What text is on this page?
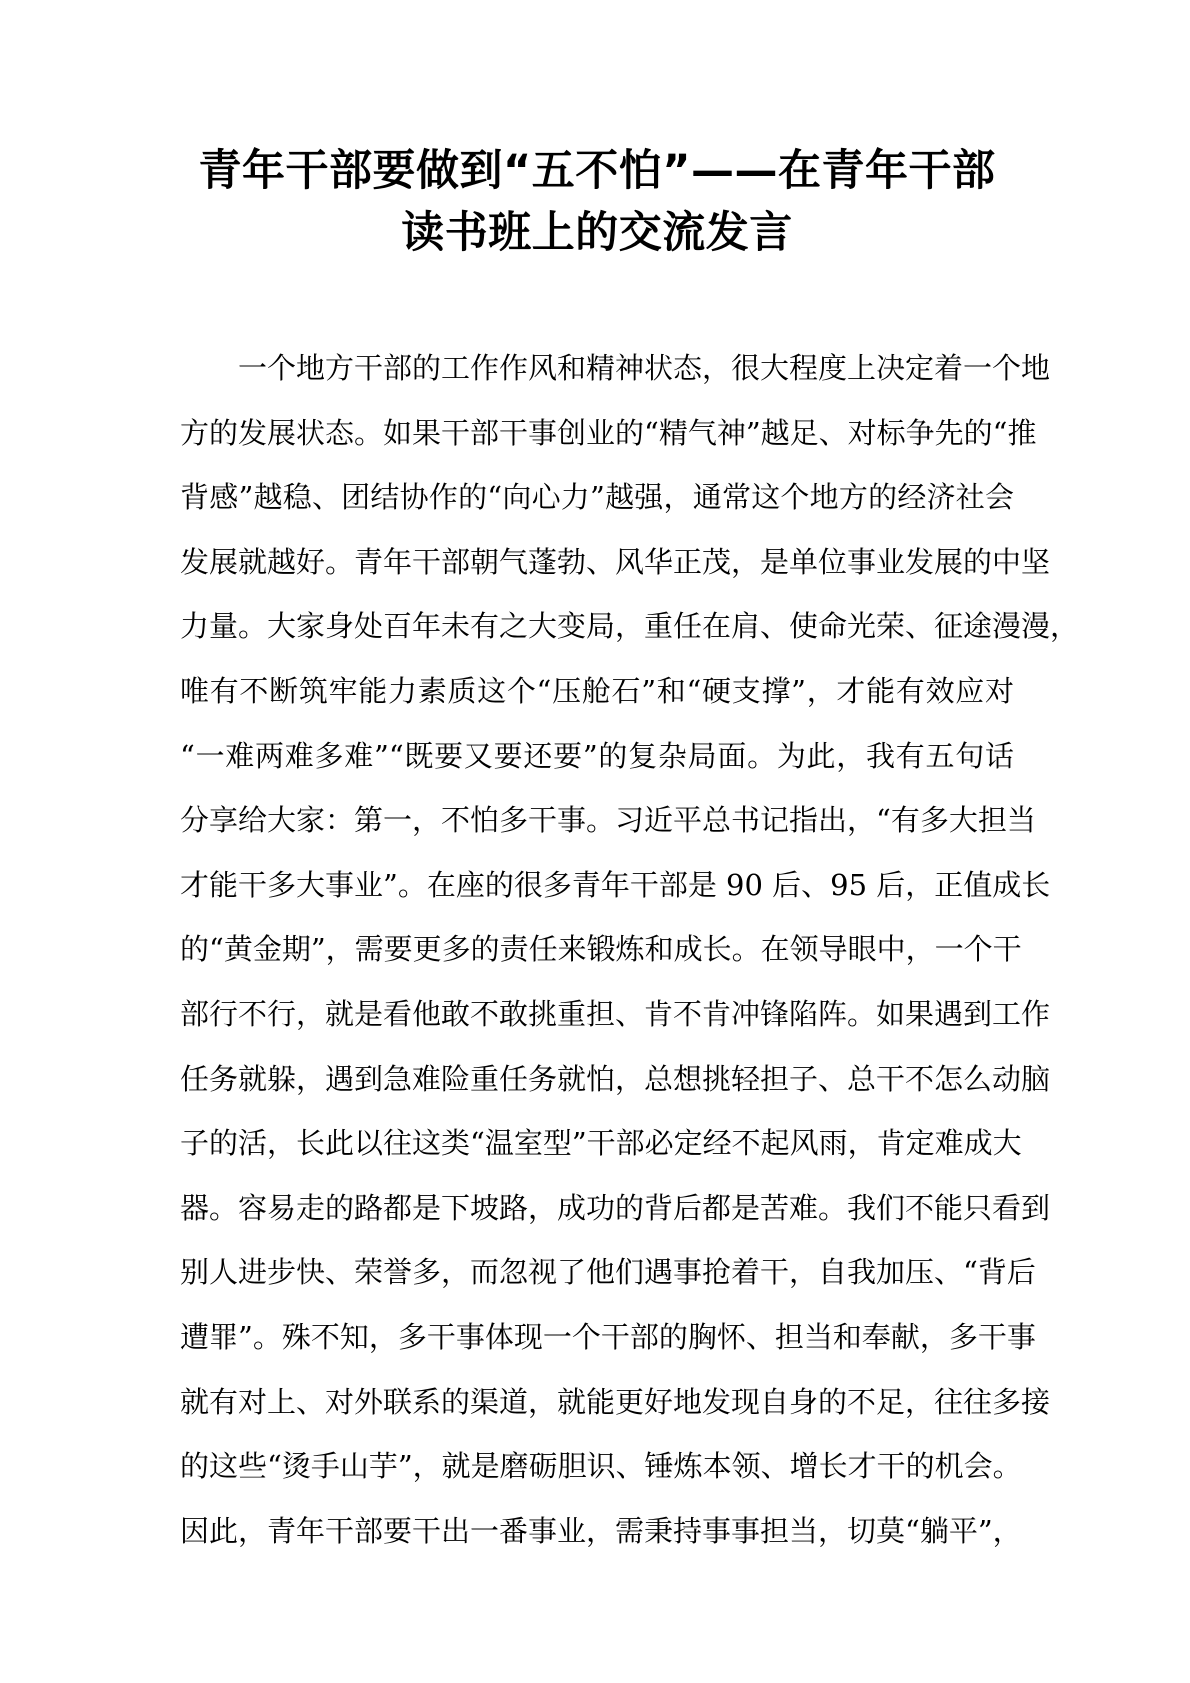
青年干部要做到“五不怕”——在青年干部
读书班上的交流发言
一个地方干部的工作作风和精神状态，很大程度上决定着一个地
方的发展状态。如果干部干事创业的“精气神”越足、对标争先的“推
背感”越稳、团结协作的“向心力”越强，通常这个地方的经济社会
发展就越好。青年干部朝气蓬勃、风华正茂，是单位事业发展的中坚
力量。大家身处百年未有之大变局，重任在肩、使命光荣、征途漫漫，
唯有不断筑牢能力素质这个“压舱石”和“硬支撑”，才能有效应对
“一难两难多难”“既要又要还要”的复杂局面。为此，我有五句话
分享给大家：第一，不怕多干事。习近平总书记指出，“有多大担当
才能干多大事业”。在座的很多青年干部是 90 后、95 后，正值成长
的“黄金期”，需要更多的责任来锻炼和成长。在领导眼中，一个干
部行不行，就是看他敢不敢挑重担、肯不肯冲锋陷阵。如果遇到工作
任务就躲，遇到急难险重任务就怕，总想挑轻担子、总干不怎么动脑
子的活，长此以往这类“温室型”干部必定经不起风雨，肯定难成大
器。容易走的路都是下坡路，成功的背后都是苦难。我们不能只看到
别人进步快、荣誉多，而忽视了他们遇事抢着干，自我加压、“背后
遭罪”。殊不知，多干事体现一个干部的胸怀、担当和奉献，多干事
就有对上、对外联系的渠道，就能更好地发现自身的不足，往往多接
的这些“烫手山芋”，就是磨砺胆识、锤炼本领、增长才干的机会。
因此，青年干部要干出一番事业，需秉持事事担当，切莫“躺平”，
